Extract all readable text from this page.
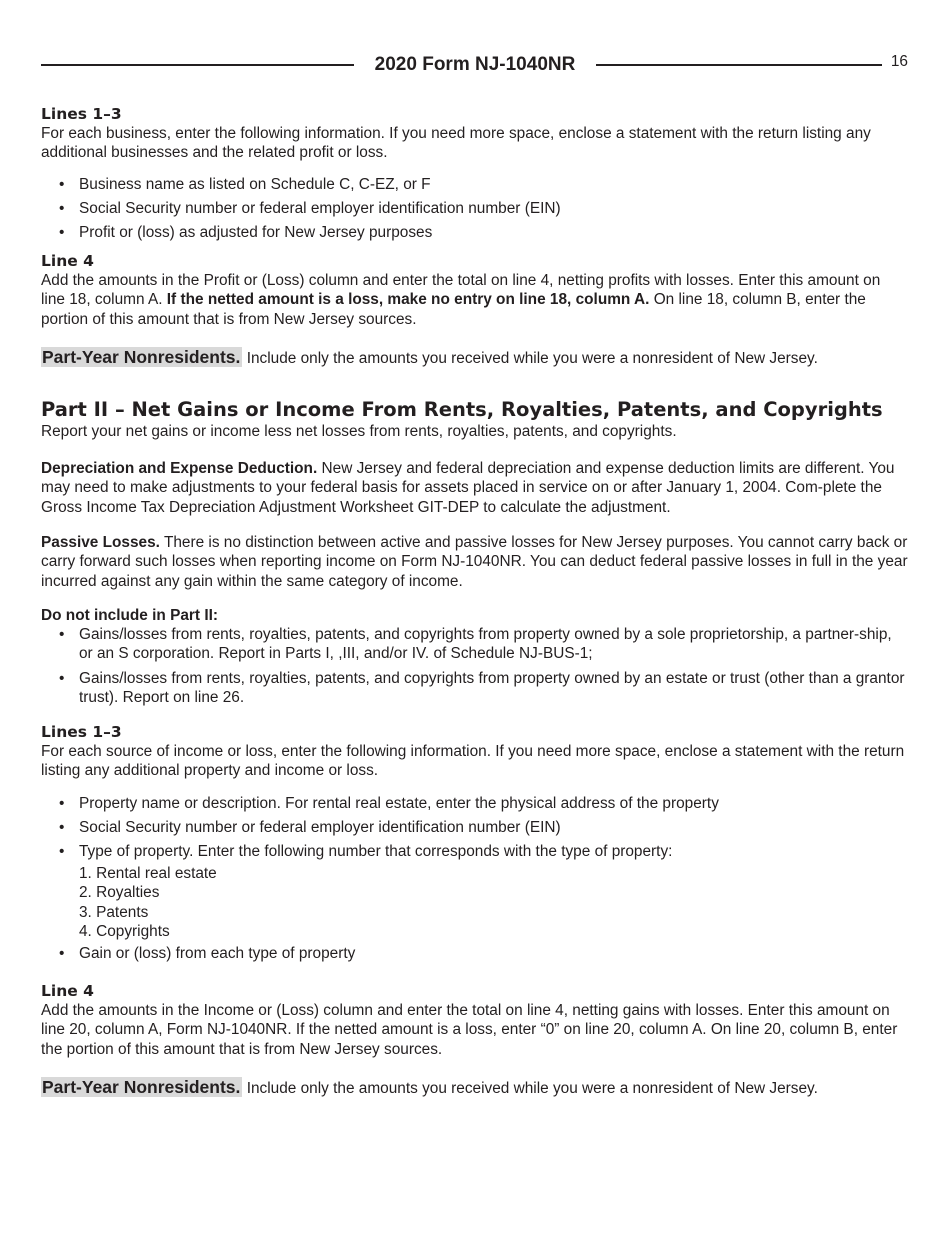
2020 Form NJ-1040NR	16
Lines 1–3

For each business, enter the following information. If you need more space, enclose a statement with the return listing any additional businesses and the related profit or loss.

• Business name as listed on Schedule C, C-EZ, or F
• Social Security number or federal employer identification number (EIN)
• Profit or (loss) as adjusted for New Jersey purposes
Line 4

Add the amounts in the Profit or (Loss) column and enter the total on line 4, netting profits with losses. Enter this amount on line 18, column A. If the netted amount is a loss, make no entry on line 18, column A. On line 18, column B, enter the portion of this amount that is from New Jersey sources.

Part-Year Nonresidents. Include only the amounts you received while you were a nonresident of New Jersey.
Part II – Net Gains or Income From Rents, Royalties, Patents, and Copyrights

Report your net gains or income less net losses from rents, royalties, patents, and copyrights.

Depreciation and Expense Deduction. New Jersey and federal depreciation and expense deduction limits are different. You may need to make adjustments to your federal basis for assets placed in service on or after January 1, 2004. Com-plete the Gross Income Tax Depreciation Adjustment Worksheet GIT-DEP to calculate the adjustment.

Passive Losses. There is no distinction between active and passive losses for New Jersey purposes. You cannot carry back or carry forward such losses when reporting income on Form NJ-1040NR. You can deduct federal passive losses in full in the year incurred against any gain within the same category of income.

Do not include in Part II:
• Gains/losses from rents, royalties, patents, and copyrights from property owned by a sole proprietorship, a partner-ship, or an S corporation. Report in Parts I, ,III, and/or IV. of Schedule NJ-BUS-1;
• Gains/losses from rents, royalties, patents, and copyrights from property owned by an estate or trust (other than a grantor trust). Report on line 26.
Lines 1–3

For each source of income or loss, enter the following information. If you need more space, enclose a statement with the return listing any additional property and income or loss.

• Property name or description. For rental real estate, enter the physical address of the property
• Social Security number or federal employer identification number (EIN)
• Type of property. Enter the following number that corresponds with the type of property:
1. Rental real estate
2. Royalties
3. Patents
4. Copyrights
• Gain or (loss) from each type of property
Line 4

Add the amounts in the Income or (Loss) column and enter the total on line 4, netting gains with losses. Enter this amount on line 20, column A, Form NJ-1040NR. If the netted amount is a loss, enter “0” on line 20, column A. On line 20, column B, enter the portion of this amount that is from New Jersey sources.

Part-Year Nonresidents. Include only the amounts you received while you were a nonresident of New Jersey.
